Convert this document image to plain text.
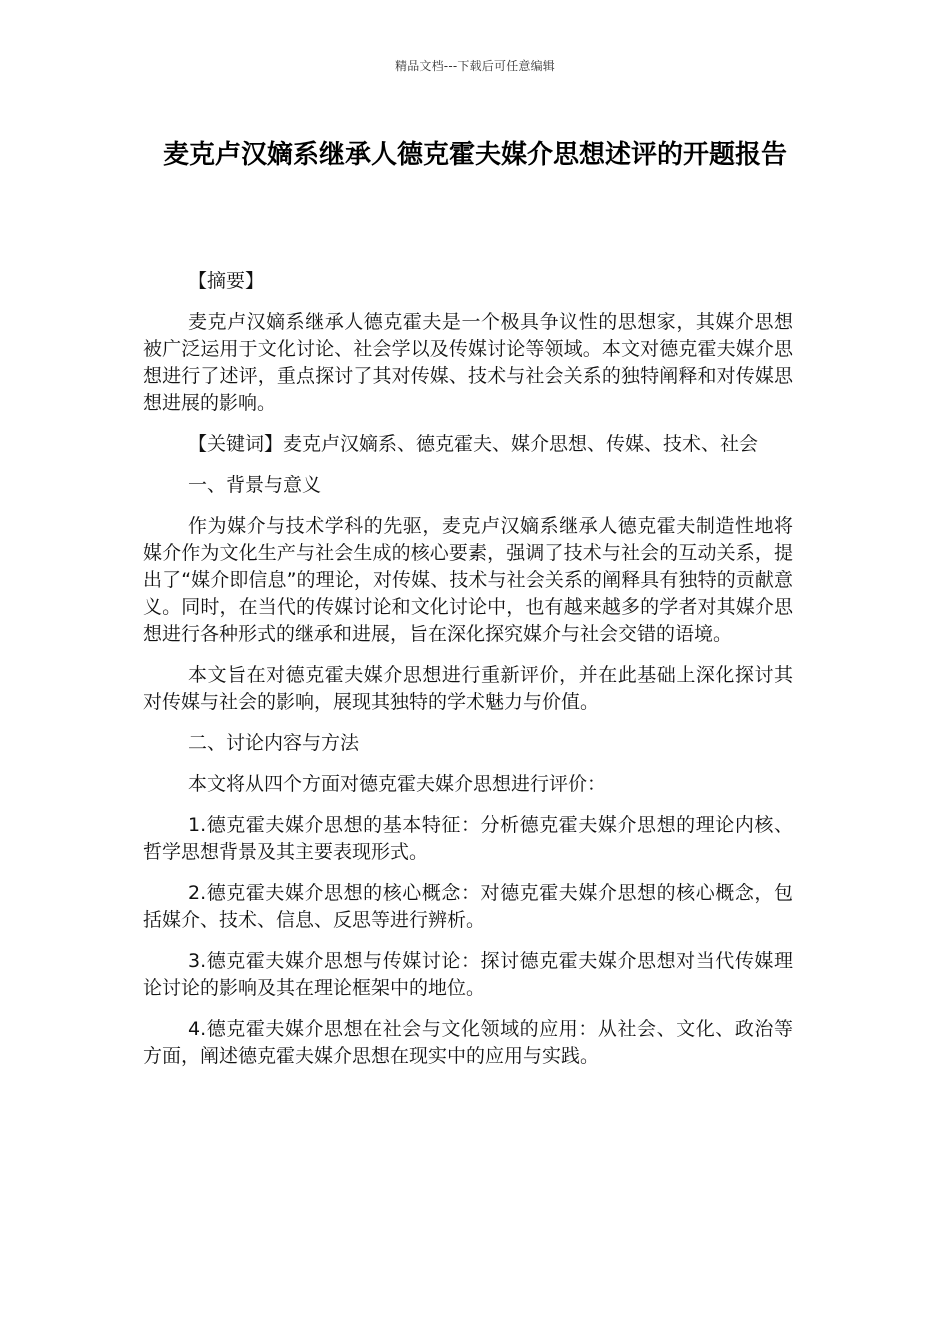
精品文档---下载后可任意编辑
麦克卢汉嫡系继承人德克霍夫媒介思想述评的开题报告

【摘要】

麦克卢汉嫡系继承人德克霍夫是一个极具争议性的思想家，其媒介思想被广泛运用于文化讨论、社会学以及传媒讨论等领域。本文对德克霍夫媒介思想进行了述评，重点探讨了其对传媒、技术与社会关系的独特阐释和对传媒思想进展的影响。

【关键词】麦克卢汉嫡系、德克霍夫、媒介思想、传媒、技术、社会

一、背景与意义

作为媒介与技术学科的先驱，麦克卢汉嫡系继承人德克霍夫制造性地将媒介作为文化生产与社会生成的核心要素，强调了技术与社会的互动关系，提出了“媒介即信息”的理论，对传媒、技术与社会关系的阐释具有独特的贡献意义。同时，在当代的传媒讨论和文化讨论中，也有越来越多的学者对其媒介思想进行各种形式的继承和进展，旨在深化探究媒介与社会交错的语境。

本文旨在对德克霍夫媒介思想进行重新评价，并在此基础上深化探讨其对传媒与社会的影响，展现其独特的学术魅力与价值。

二、讨论内容与方法

本文将从四个方面对德克霍夫媒介思想进行评价：

1.德克霍夫媒介思想的基本特征：分析德克霍夫媒介思想的理论内核、哲学思想背景及其主要表现形式。

2.德克霍夫媒介思想的核心概念：对德克霍夫媒介思想的核心概念，包括媒介、技术、信息、反思等进行辨析。

3.德克霍夫媒介思想与传媒讨论：探讨德克霍夫媒介思想对当代传媒理论讨论的影响及其在理论框架中的地位。

4.德克霍夫媒介思想在社会与文化领域的应用：从社会、文化、政治等方面，阐述德克霍夫媒介思想在现实中的应用与实践。
